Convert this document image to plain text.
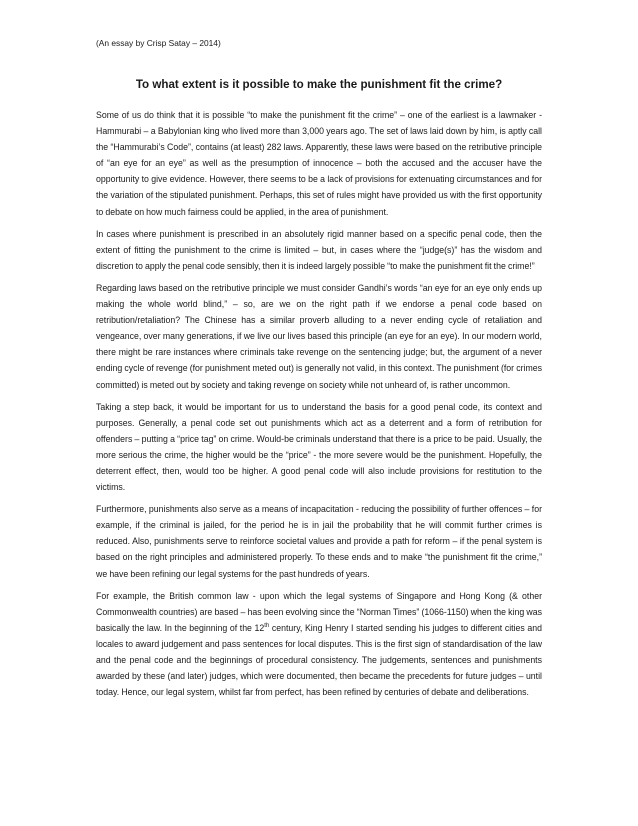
(An essay by Crisp Satay – 2014)

To what extent is it possible to make the punishment fit the crime?

Some of us do think that it is possible “to make the punishment fit the crime” – one of the earliest is a lawmaker - Hammurabi – a Babylonian king who lived more than 3,000 years ago. The set of laws laid down by him, is aptly call the “Hammurabi’s Code”, contains (at least) 282 laws. Apparently, these laws were based on the retributive principle of “an eye for an eye” as well as the presumption of innocence – both the accused and the accuser have the opportunity to give evidence. However, there seems to be a lack of provisions for extenuating circumstances and for the variation of the stipulated punishment. Perhaps, this set of rules might have provided us with the first opportunity to debate on how much fairness could be applied, in the area of punishment.

In cases where punishment is prescribed in an absolutely rigid manner based on a specific penal code, then the extent of fitting the punishment to the crime is limited – but, in cases where the “judge(s)” has the wisdom and discretion to apply the penal code sensibly, then it is indeed largely possible “to make the punishment fit the crime!”

Regarding laws based on the retributive principle we must consider Gandhi’s words “an eye for an eye only ends up making the whole world blind,” – so, are we on the right path if we endorse a penal code based on retribution/retaliation? The Chinese has a similar proverb alluding to a never ending cycle of retaliation and vengeance, over many generations, if we live our lives based this principle (an eye for an eye). In our modern world, there might be rare instances where criminals take revenge on the sentencing judge; but, the argument of a never ending cycle of revenge (for punishment meted out) is generally not valid, in this context. The punishment (for crimes committed) is meted out by society and taking revenge on society while not unheard of, is rather uncommon.

Taking a step back, it would be important for us to understand the basis for a good penal code, its context and purposes. Generally, a penal code set out punishments which act as a deterrent and a form of retribution for offenders – putting a “price tag” on crime. Would-be criminals understand that there is a price to be paid. Usually, the more serious the crime, the higher would be the “price” - the more severe would be the punishment. Hopefully, the deterrent effect, then, would too be higher. A good penal code will also include provisions for restitution to the victims.

Furthermore, punishments also serve as a means of incapacitation - reducing the possibility of further offences – for example, if the criminal is jailed, for the period he is in jail the probability that he will commit further crimes is reduced. Also, punishments serve to reinforce societal values and provide a path for reform – if the penal system is based on the right principles and administered properly. To these ends and to make “the punishment fit the crime,” we have been refining our legal systems for the past hundreds of years.

For example, the British common law - upon which the legal systems of Singapore and Hong Kong (& other Commonwealth countries) are based – has been evolving since the “Norman Times” (1066-1150) when the king was basically the law. In the beginning of the 12th century, King Henry I started sending his judges to different cities and locales to award judgement and pass sentences for local disputes. This is the first sign of standardisation of the law and the penal code and the beginnings of procedural consistency. The judgements, sentences and punishments awarded by these (and later) judges, which were documented, then became the precedents for future judges – until today. Hence, our legal system, whilst far from perfect, has been refined by centuries of debate and deliberations.
